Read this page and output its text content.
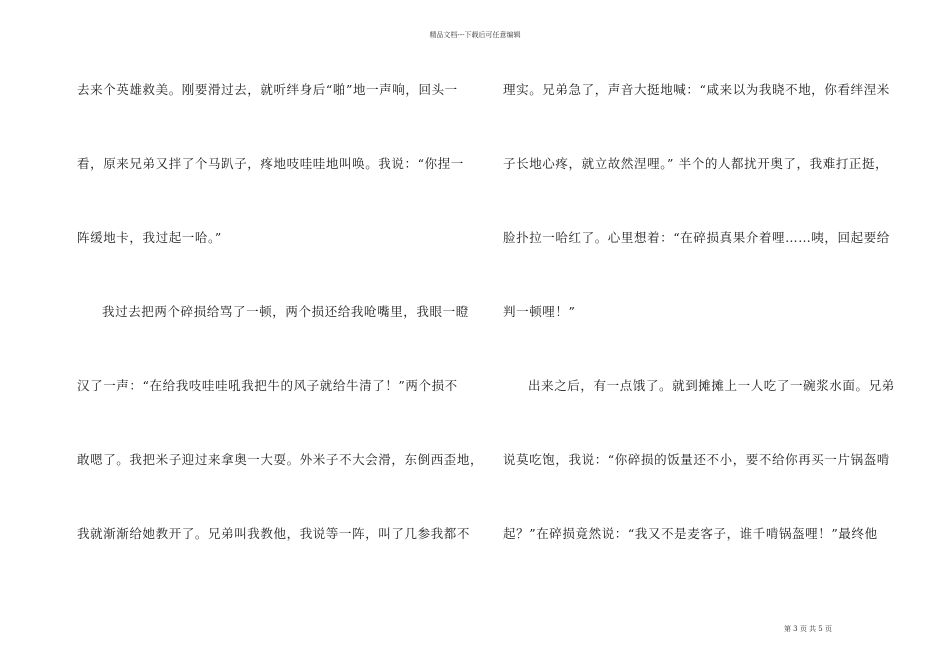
精品文档---下载后可任意编辑
去来个英雄救美。刚要滑过去，就听绊身后“啪”地一声响，回头一
看，原来兄弟又拌了个马趴子，疼地吱哇哇地叫唤。我说：“你捏一
阵缓地卡，我过起一哈。”
我过去把两个碎损给骂了一顿，两个损还给我呛嘴里，我眼一瞪
汉了一声：“在给我吱哇哇吼我把牛的风子就给牛清了！”两个损不
敢嗯了。我把米子迎过来拿奥一大耍。外米子不大会滑，东倒西歪地，
我就渐渐给她教开了。兄弟叫我教他，我说等一阵，叫了几参我都不
理实。兄弟急了，声音大挺地喊：“咸来以为我晓不地，你看绊涅米
子长地心疼，就立故然涅哩。” 半个的人都扰开奥了，我难打正挺，
脸扑拉一哈红了。心里想着：“在碎损真果介着哩……咦，回起要给
判一顿哩！”
出来之后，有一点饿了。就到摊摊上一人吃了一碗浆水面。兄弟
说莫吃饱，我说：“你碎损的饭量还不小，要不给你再买一片锅盔啃
起？”在碎损竟然说：“我又不是麦客子，谁千啃锅盔哩！”最终他
第 3 页 共 5 页
